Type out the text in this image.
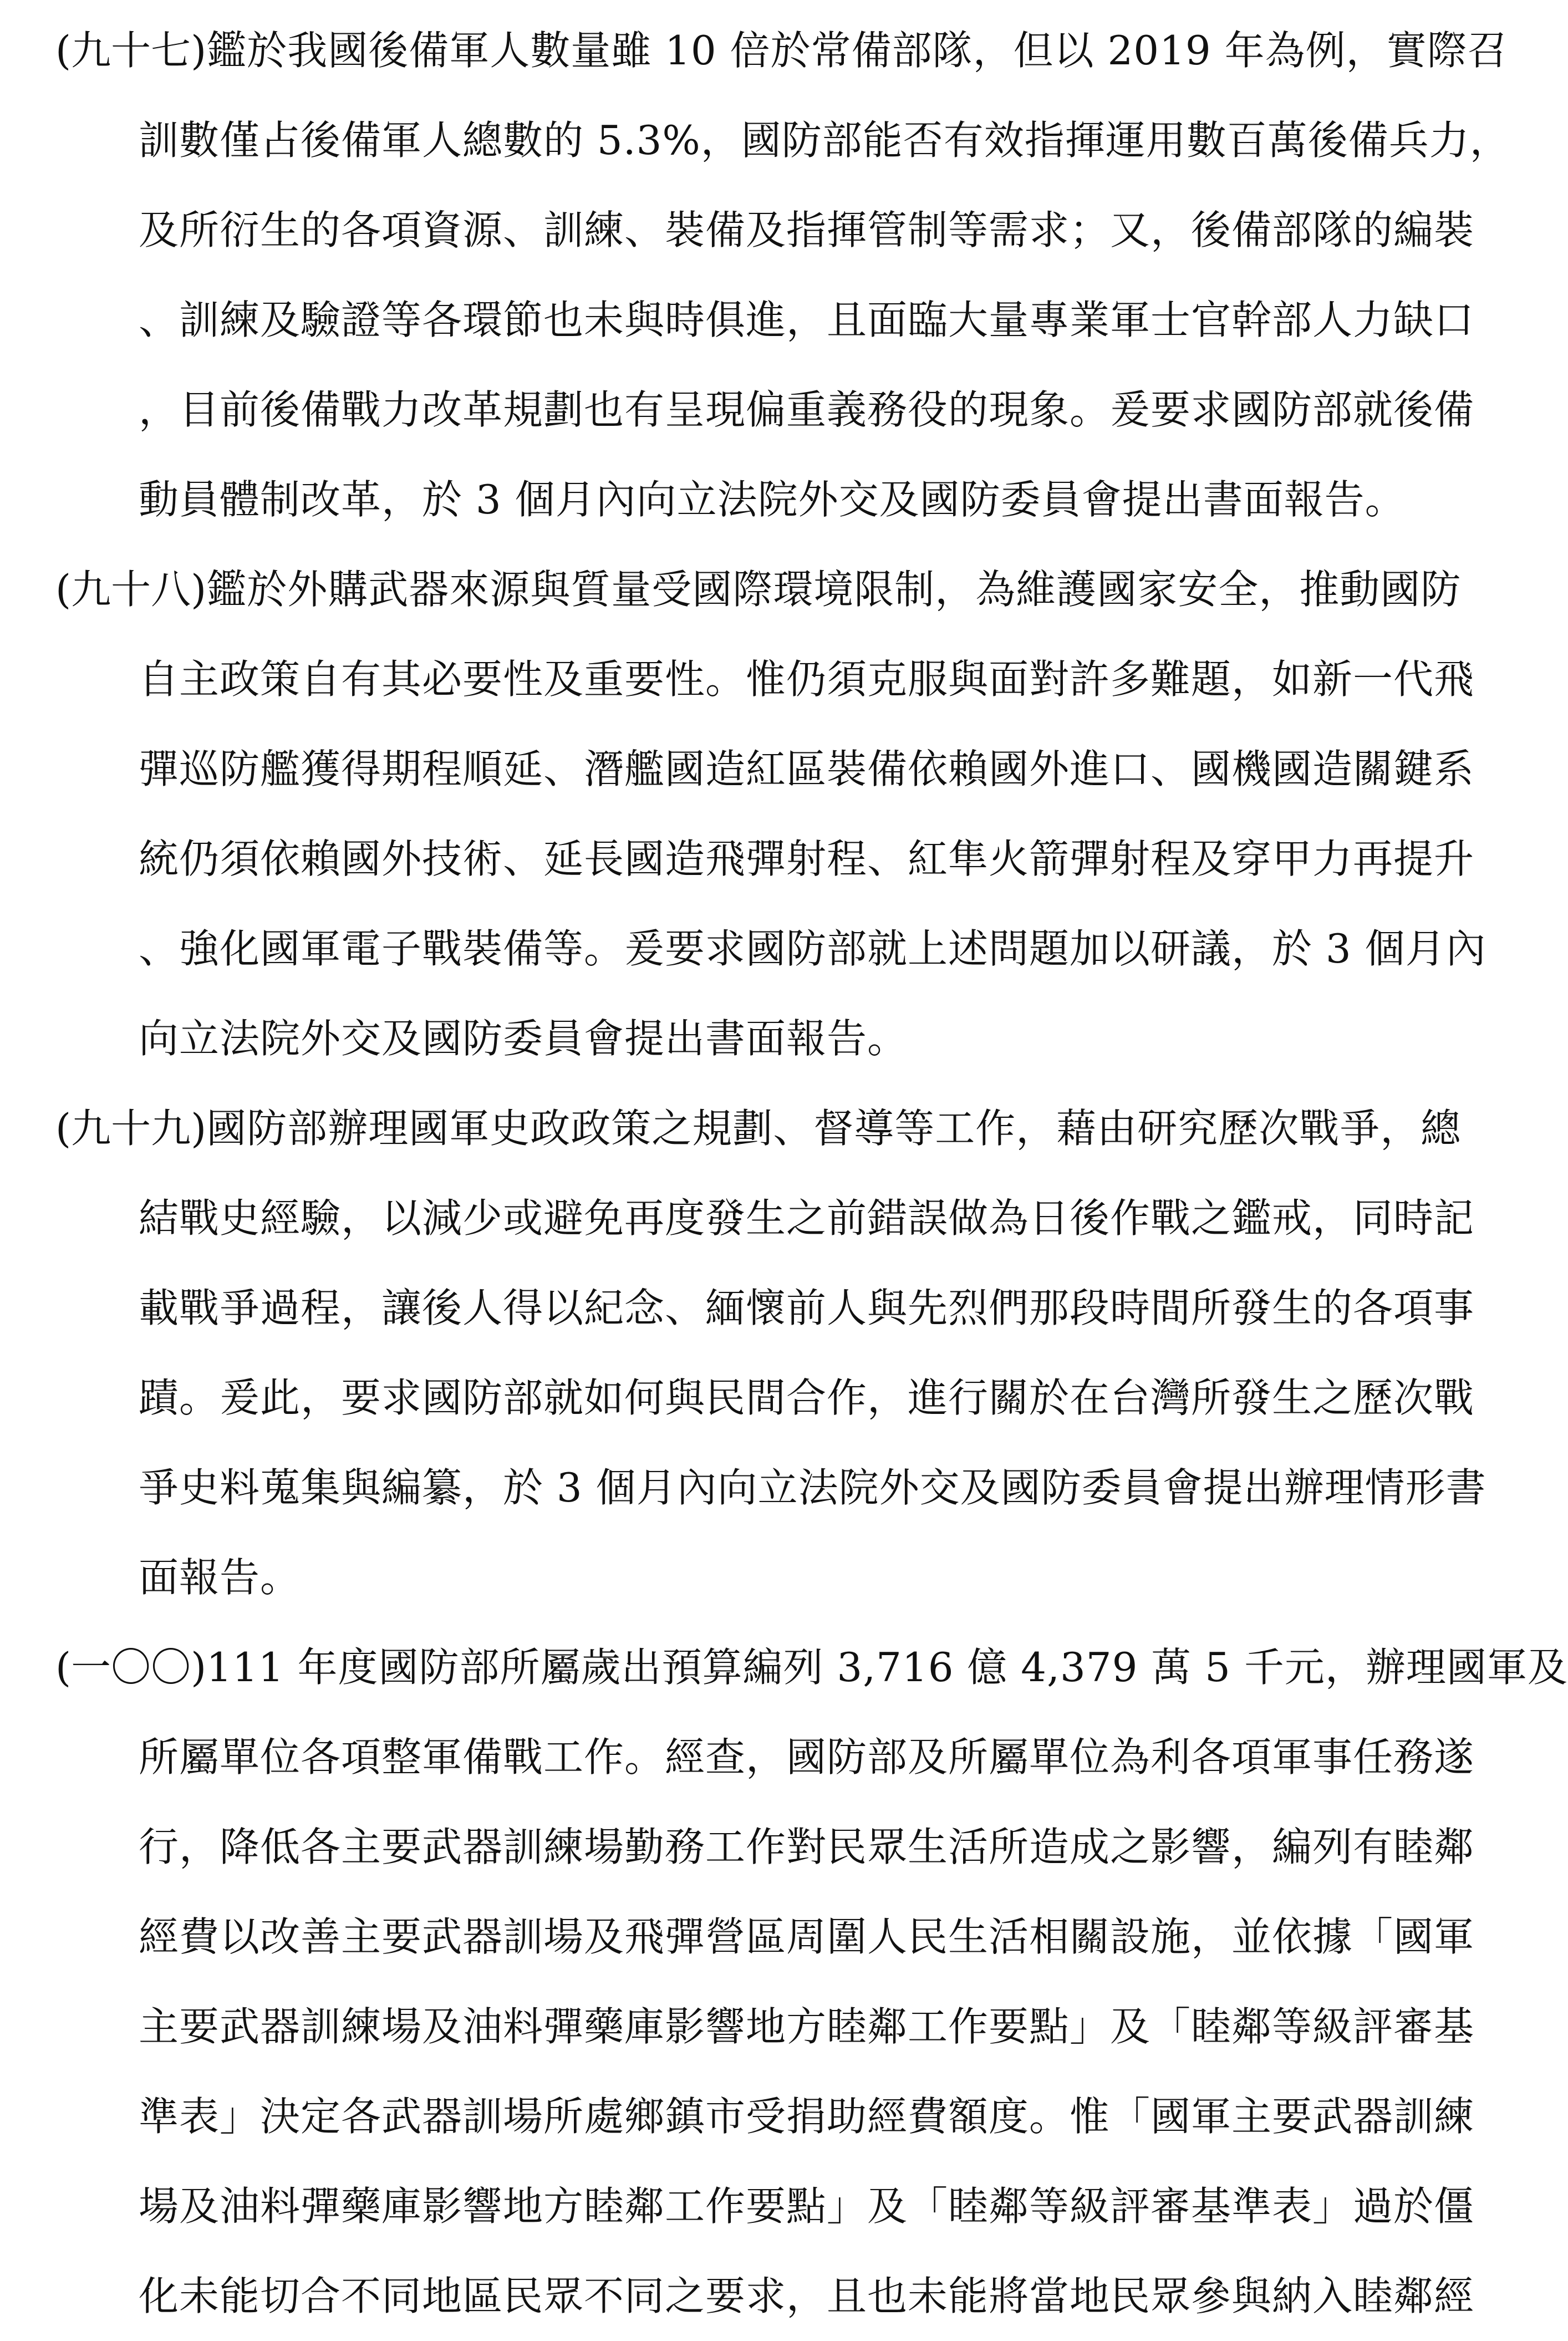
(九十七)鑑於我國後備軍人數量雖 10 倍於常備部隊，但以 2019 年為例，實際召
訓數僅占後備軍人總數的 5.3%，國防部能否有效指揮運用數百萬後備兵力，
及所衍生的各項資源、訓練、裝備及指揮管制等需求；又，後備部隊的編裝
、訓練及驗證等各環節也未與時俱進，且面臨大量專業軍士官幹部人力缺口
，目前後備戰力改革規劃也有呈現偏重義務役的現象。爰要求國防部就後備
動員體制改革，於 3 個月內向立法院外交及國防委員會提出書面報告。
(九十八)鑑於外購武器來源與質量受國際環境限制，為維護國家安全，推動國防
自主政策自有其必要性及重要性。惟仍須克服與面對許多難題，如新一代飛
彈巡防艦獲得期程順延、潛艦國造紅區裝備依賴國外進口、國機國造關鍵系
統仍須依賴國外技術、延長國造飛彈射程、紅隼火箭彈射程及穿甲力再提升
、強化國軍電子戰裝備等。爰要求國防部就上述問題加以研議，於 3 個月內
向立法院外交及國防委員會提出書面報告。
(九十九)國防部辦理國軍史政政策之規劃、督導等工作，藉由研究歷次戰爭，總
結戰史經驗，以減少或避免再度發生之前錯誤做為日後作戰之鑑戒，同時記
載戰爭過程，讓後人得以紀念、緬懷前人與先烈們那段時間所發生的各項事
蹟。爰此，要求國防部就如何與民間合作，進行關於在台灣所發生之歷次戰
爭史料蒐集與編纂，於 3 個月內向立法院外交及國防委員會提出辦理情形書
面報告。
(一〇〇)111 年度國防部所屬歲出預算編列 3,716 億 4,379 萬 5 千元，辦理國軍及
所屬單位各項整軍備戰工作。經查，國防部及所屬單位為利各項軍事任務遂
行，降低各主要武器訓練場勤務工作對民眾生活所造成之影響，編列有睦鄰
經費以改善主要武器訓場及飛彈營區周圍人民生活相關設施，並依據「國軍
主要武器訓練場及油料彈藥庫影響地方睦鄰工作要點」及「睦鄰等級評審基
準表」決定各武器訓場所處鄉鎮市受捐助經費額度。惟「國軍主要武器訓練
場及油料彈藥庫影響地方睦鄰工作要點」及「睦鄰等級評審基準表」過於僵
化未能切合不同地區民眾不同之要求，且也未能將當地民眾參與納入睦鄰經
